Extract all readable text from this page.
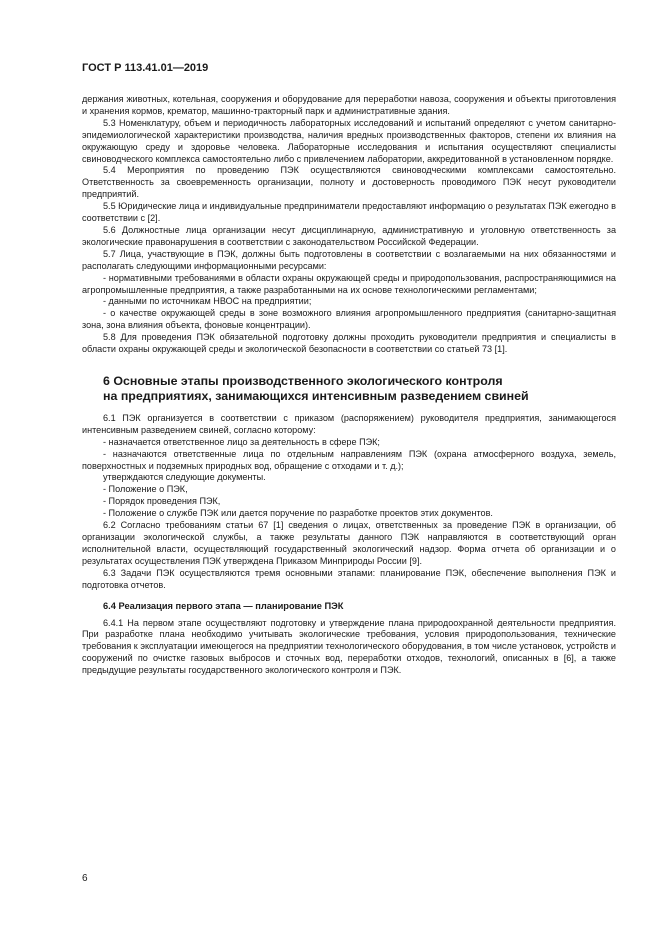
ГОСТ Р 113.41.01—2019

держания животных, котельная, сооружения и оборудование для переработки навоза, сооружения и объекты приготовления и хранения кормов, крематор, машинно-тракторный парк и административные здания.

5.3 Номенклатуру, объем и периодичность лабораторных исследований и испытаний определяют с учетом санитарно-эпидемиологической характеристики производства, наличия вредных производственных факторов, степени их влияния на окружающую среду и здоровье человека. Лабораторные исследования и испытания осуществляют специалисты свиноводческого комплекса самостоятельно либо с привлечением лаборатории, аккредитованной в установленном порядке.

5.4 Мероприятия по проведению ПЭК осуществляются свиноводческими комплексами самостоятельно. Ответственность за своевременность организации, полноту и достоверность проводимого ПЭК несут руководители предприятий.

5.5 Юридические лица и индивидуальные предприниматели предоставляют информацию о результатах ПЭК ежегодно в соответствии с [2].

5.6 Должностные лица организации несут дисциплинарную, административную и уголовную ответственность за экологические правонарушения в соответствии с законодательством Российской Федерации.

5.7 Лица, участвующие в ПЭК, должны быть подготовлены в соответствии с возлагаемыми на них обязанностями и располагать следующими информационными ресурсами:

- нормативными требованиями в области охраны окружающей среды и природопользования, распространяющимися на агропромышленные предприятия, а также разработанными на их основе технологическими регламентами;

- данными по источникам НВОС на предприятии;

- о качестве окружающей среды в зоне возможного влияния агропромышленного предприятия (санитарно-защитная зона, зона влияния объекта, фоновые концентрации).

5.8 Для проведения ПЭК обязательной подготовку должны проходить руководители предприятия и специалисты в области охраны окружающей среды и экологической безопасности в соответствии со статьей 73 [1].

6 Основные этапы производственного экологического контроля
на предприятиях, занимающихся интенсивным разведением свиней

6.1 ПЭК организуется в соответствии с приказом (распоряжением) руководителя предприятия, занимающегося интенсивным разведением свиней, согласно которому:

- назначается ответственное лицо за деятельность в сфере ПЭК;

- назначаются ответственные лица по отдельным направлениям ПЭК (охрана атмосферного воздуха, земель, поверхностных и подземных природных вод, обращение с отходами и т. д.);

утверждаются следующие документы.

- Положение о ПЭК,

- Порядок проведения ПЭК,

- Положение о службе ПЭК или дается поручение по разработке проектов этих документов.

6.2 Согласно требованиям статьи 67 [1] сведения о лицах, ответственных за проведение ПЭК в организации, об организации экологической службы, а также результаты данного ПЭК направляются в соответствующий орган исполнительной власти, осуществляющий государственный экологический надзор. Форма отчета об организации и о результатах осуществления ПЭК утверждена Приказом Минприроды России [9].

6.3 Задачи ПЭК осуществляются тремя основными этапами: планирование ПЭК, обеспечение выполнения ПЭК и подготовка отчетов.

6.4 Реализация первого этапа — планирование ПЭК

6.4.1 На первом этапе осуществляют подготовку и утверждение плана природоохранной деятельности предприятия. При разработке плана необходимо учитывать экологические требования, условия природопользования, технические требования к эксплуатации имеющегося на предприятии технологического оборудования, в том числе установок, устройств и сооружений по очистке газовых выбросов и сточных вод, переработки отходов, технологий, описанных в [6], а также предыдущие результаты государственного экологического контроля и ПЭК.

6
